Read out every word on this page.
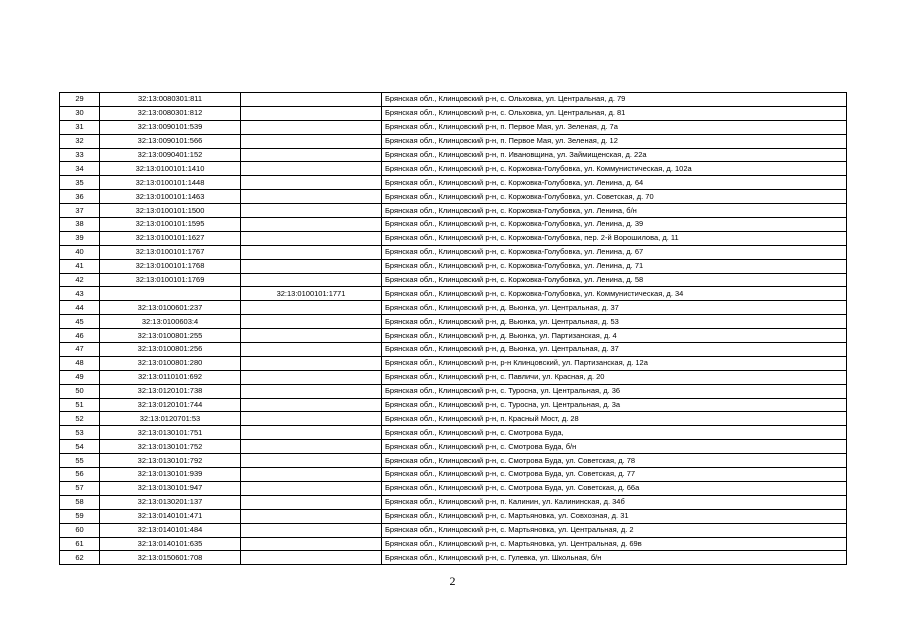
29	32:13:0080301:811		Брянская обл., Клинцовский р-н, с. Ольховка, ул. Центральная, д. 79
30	32:13:0080301:812		Брянская обл., Клинцовский р-н, с. Ольховка, ул. Центральная, д. 81
31	32:13:0090101:539		Брянская обл., Клинцовский р-н, п. Первое Мая, ул. Зеленая, д. 7а
32	32:13:0090101:566		Брянская обл., Клинцовский р-н, п. Первое Мая, ул. Зеленая, д. 12
33	32:13:0090401:152		Брянская обл., Клинцовский р-н, п. Ивановщина, ул. Займищенская, д. 22а
34	32:13:0100101:1410		Брянская обл., Клинцовский р-н, с. Коржовка-Голубовка, ул. Коммунистическая, д. 102а
35	32:13:0100101:1448		Брянская обл., Клинцовский р-н, с. Коржовка-Голубовка, ул. Ленина, д. 64
36	32:13:0100101:1463		Брянская обл., Клинцовский р-н, с. Коржовка-Голубовка, ул. Советская, д. 70
37	32:13:0100101:1500		Брянская обл., Клинцовский р-н, с. Коржовка-Голубовка, ул. Ленина, б/н
38	32:13:0100101:1595		Брянская обл., Клинцовский р-н, с. Коржовка-Голубовка, ул. Ленина, д. 39
39	32:13:0100101:1627		Брянская обл., Клинцовский р-н, с. Коржовка-Голубовка, пер. 2-й Ворошилова, д. 11
40	32:13:0100101:1767		Брянская обл., Клинцовский р-н, с. Коржовка-Голубовка, ул. Ленина, д. 67
41	32:13:0100101:1768		Брянская обл., Клинцовский р-н, с. Коржовка-Голубовка, ул. Ленина, д. 71
42	32:13:0100101:1769		Брянская обл., Клинцовский р-н, с. Коржовка-Голубовка, ул. Ленина, д. 58
43		32:13:0100101:1771	Брянская обл., Клинцовский р-н, с. Коржовка-Голубовка, ул. Коммунистическая, д. 34
44	32:13:0100601:237		Брянская обл., Клинцовский р-н, д. Вьюнка, ул. Центральная, д. 37
45	32:13:0100603:4		Брянская обл., Клинцовский р-н, д. Вьюнка, ул. Центральная, д. 53
46	32:13:0100801:255		Брянская обл., Клинцовский р-н, д. Вьюнка, ул. Партизанская, д. 4
47	32:13:0100801:256		Брянская обл., Клинцовский р-н, д. Вьюнка, ул. Центральная, д. 37
48	32:13:0100801:280		Брянская обл., Клинцовский р-н, р-н Клинцовский, ул. Партизанская, д. 12а
49	32:13:0110101:692		Брянская обл., Клинцовский р-н, с. Павличи, ул. Красная, д. 20
50	32:13:0120101:738		Брянская обл., Клинцовский р-н, с. Туросна, ул. Центральная, д. 36
51	32:13:0120101:744		Брянская обл., Клинцовский р-н, с. Туросна, ул. Центральная, д. 3а
52	32:13:0120701:53		Брянская обл., Клинцовский р-н, п. Красный Мост, д. 28
53	32:13:0130101:751		Брянская обл., Клинцовский р-н, с. Смотрова Буда,
54	32:13:0130101:752		Брянская обл., Клинцовский р-н, с. Смотрова Буда, б/н
55	32:13:0130101:792		Брянская обл., Клинцовский р-н, с. Смотрова Буда, ул. Советская, д. 78
56	32:13:0130101:939		Брянская обл., Клинцовский р-н, с. Смотрова Буда, ул. Советская, д. 77
57	32:13:0130101:947		Брянская обл., Клинцовский р-н, с. Смотрова Буда, ул. Советская, д. 66а
58	32:13:0130201:137		Брянская обл., Клинцовский р-н, п. Калинин, ул. Калининская, д. 34б
59	32:13:0140101:471		Брянская обл., Клинцовский р-н, с. Мартьяновка, ул. Совхозная, д. 31
60	32:13:0140101:484		Брянская обл., Клинцовский р-н, с. Мартьяновка, ул. Центральная, д. 2
61	32:13:0140101:635		Брянская обл., Клинцовский р-н, с. Мартьяновка, ул. Центральная, д. 69в
62	32:13:0150601:708		Брянская обл., Клинцовский р-н, с. Гулевка, ул. Школьная, б/н
2
